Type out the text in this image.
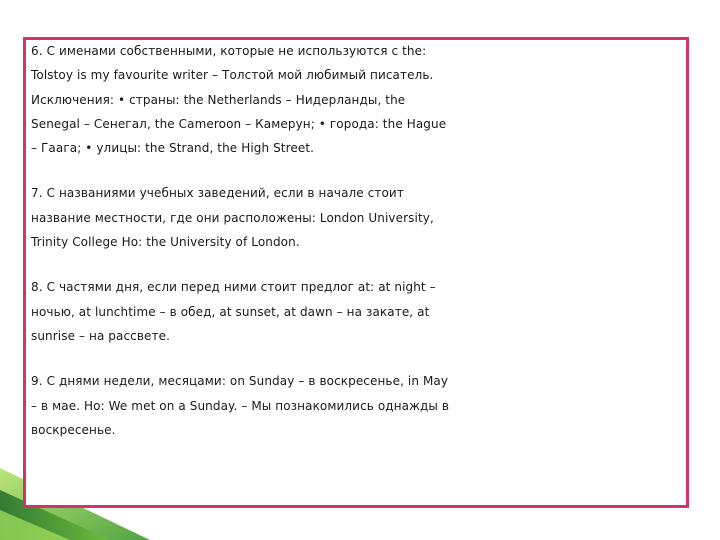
6. С именами собственными, которые не используются с the:
Tolstoy is my favourite writer – Толстой мой любимый писатель.
Исключения: • страны: the Netherlands – Нидерланды, the
Senegal – Сенегал, the Cameroon – Камерун; • города: the Hague
– Гаага; • улицы: the Strand, the High Street.

7. С названиями учебных заведений, если в начале стоит
название местности, где они расположены: London University,
Trinity College Но: the University of London.

8. С частями дня, если перед ними стоит предлог at: at night –
ночью, at lunchtime – в обед, at sunset, at dawn – на закате, at
sunrise – на рассвете.

9. С днями недели, месяцами: on Sunday – в воскресенье, in May
– в мае. Но: We met on a Sunday. – Мы познакомились однажды в
воскресенье.
